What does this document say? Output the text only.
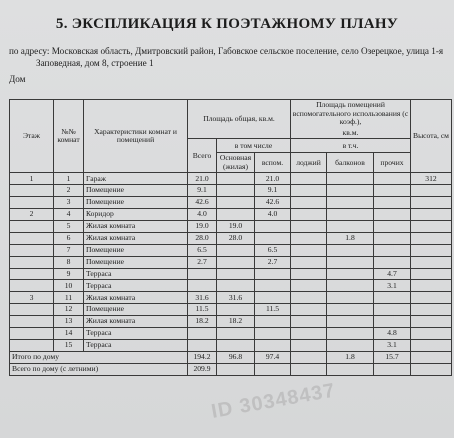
5. ЭКСПЛИКАЦИЯ К ПОЭТАЖНОМУ ПЛАНУ
по адресу: Московская область, Дмитровский район, Габовское сельское поселение, село Озерецкое, улица 1-я
Заповедная, дом 8, строение 1
Дом
Этаж	№№ комнат	Характеристики комнат и помещений	Площадь общая, кв.м.			Площадь помещений вспомогательного использования (с коэф.),			Высота, см
						кв.м.			
			Всего	в том числе		в т.ч.			
				Основная (жилая)	вспом.	лоджий	балконов	прочих	
1	1	Гараж	21.0		21.0				312
	2	Помещение	9.1		9.1				
	3	Помещение	42.6		42.6				
2	4	Коридор	4.0		4.0				
	5	Жилая комната	19.0	19.0					
	6	Жилая комната	28.0	28.0			1.8		
	7	Помещение	6.5		6.5				
	8	Помещение	2.7		2.7				
	9	Терраса						4.7	
	10	Терраса						3.1	
3	11	Жилая комната	31.6	31.6					
	12	Помещение	11.5		11.5				
	13	Жилая комната	18.2	18.2					
	14	Терраса						4.8	
	15	Терраса						3.1	
Итого по дому			194.2	96.8	97.4		1.8	15.7	
Всего по дому (с летними)			209.9						
ID 30348437
